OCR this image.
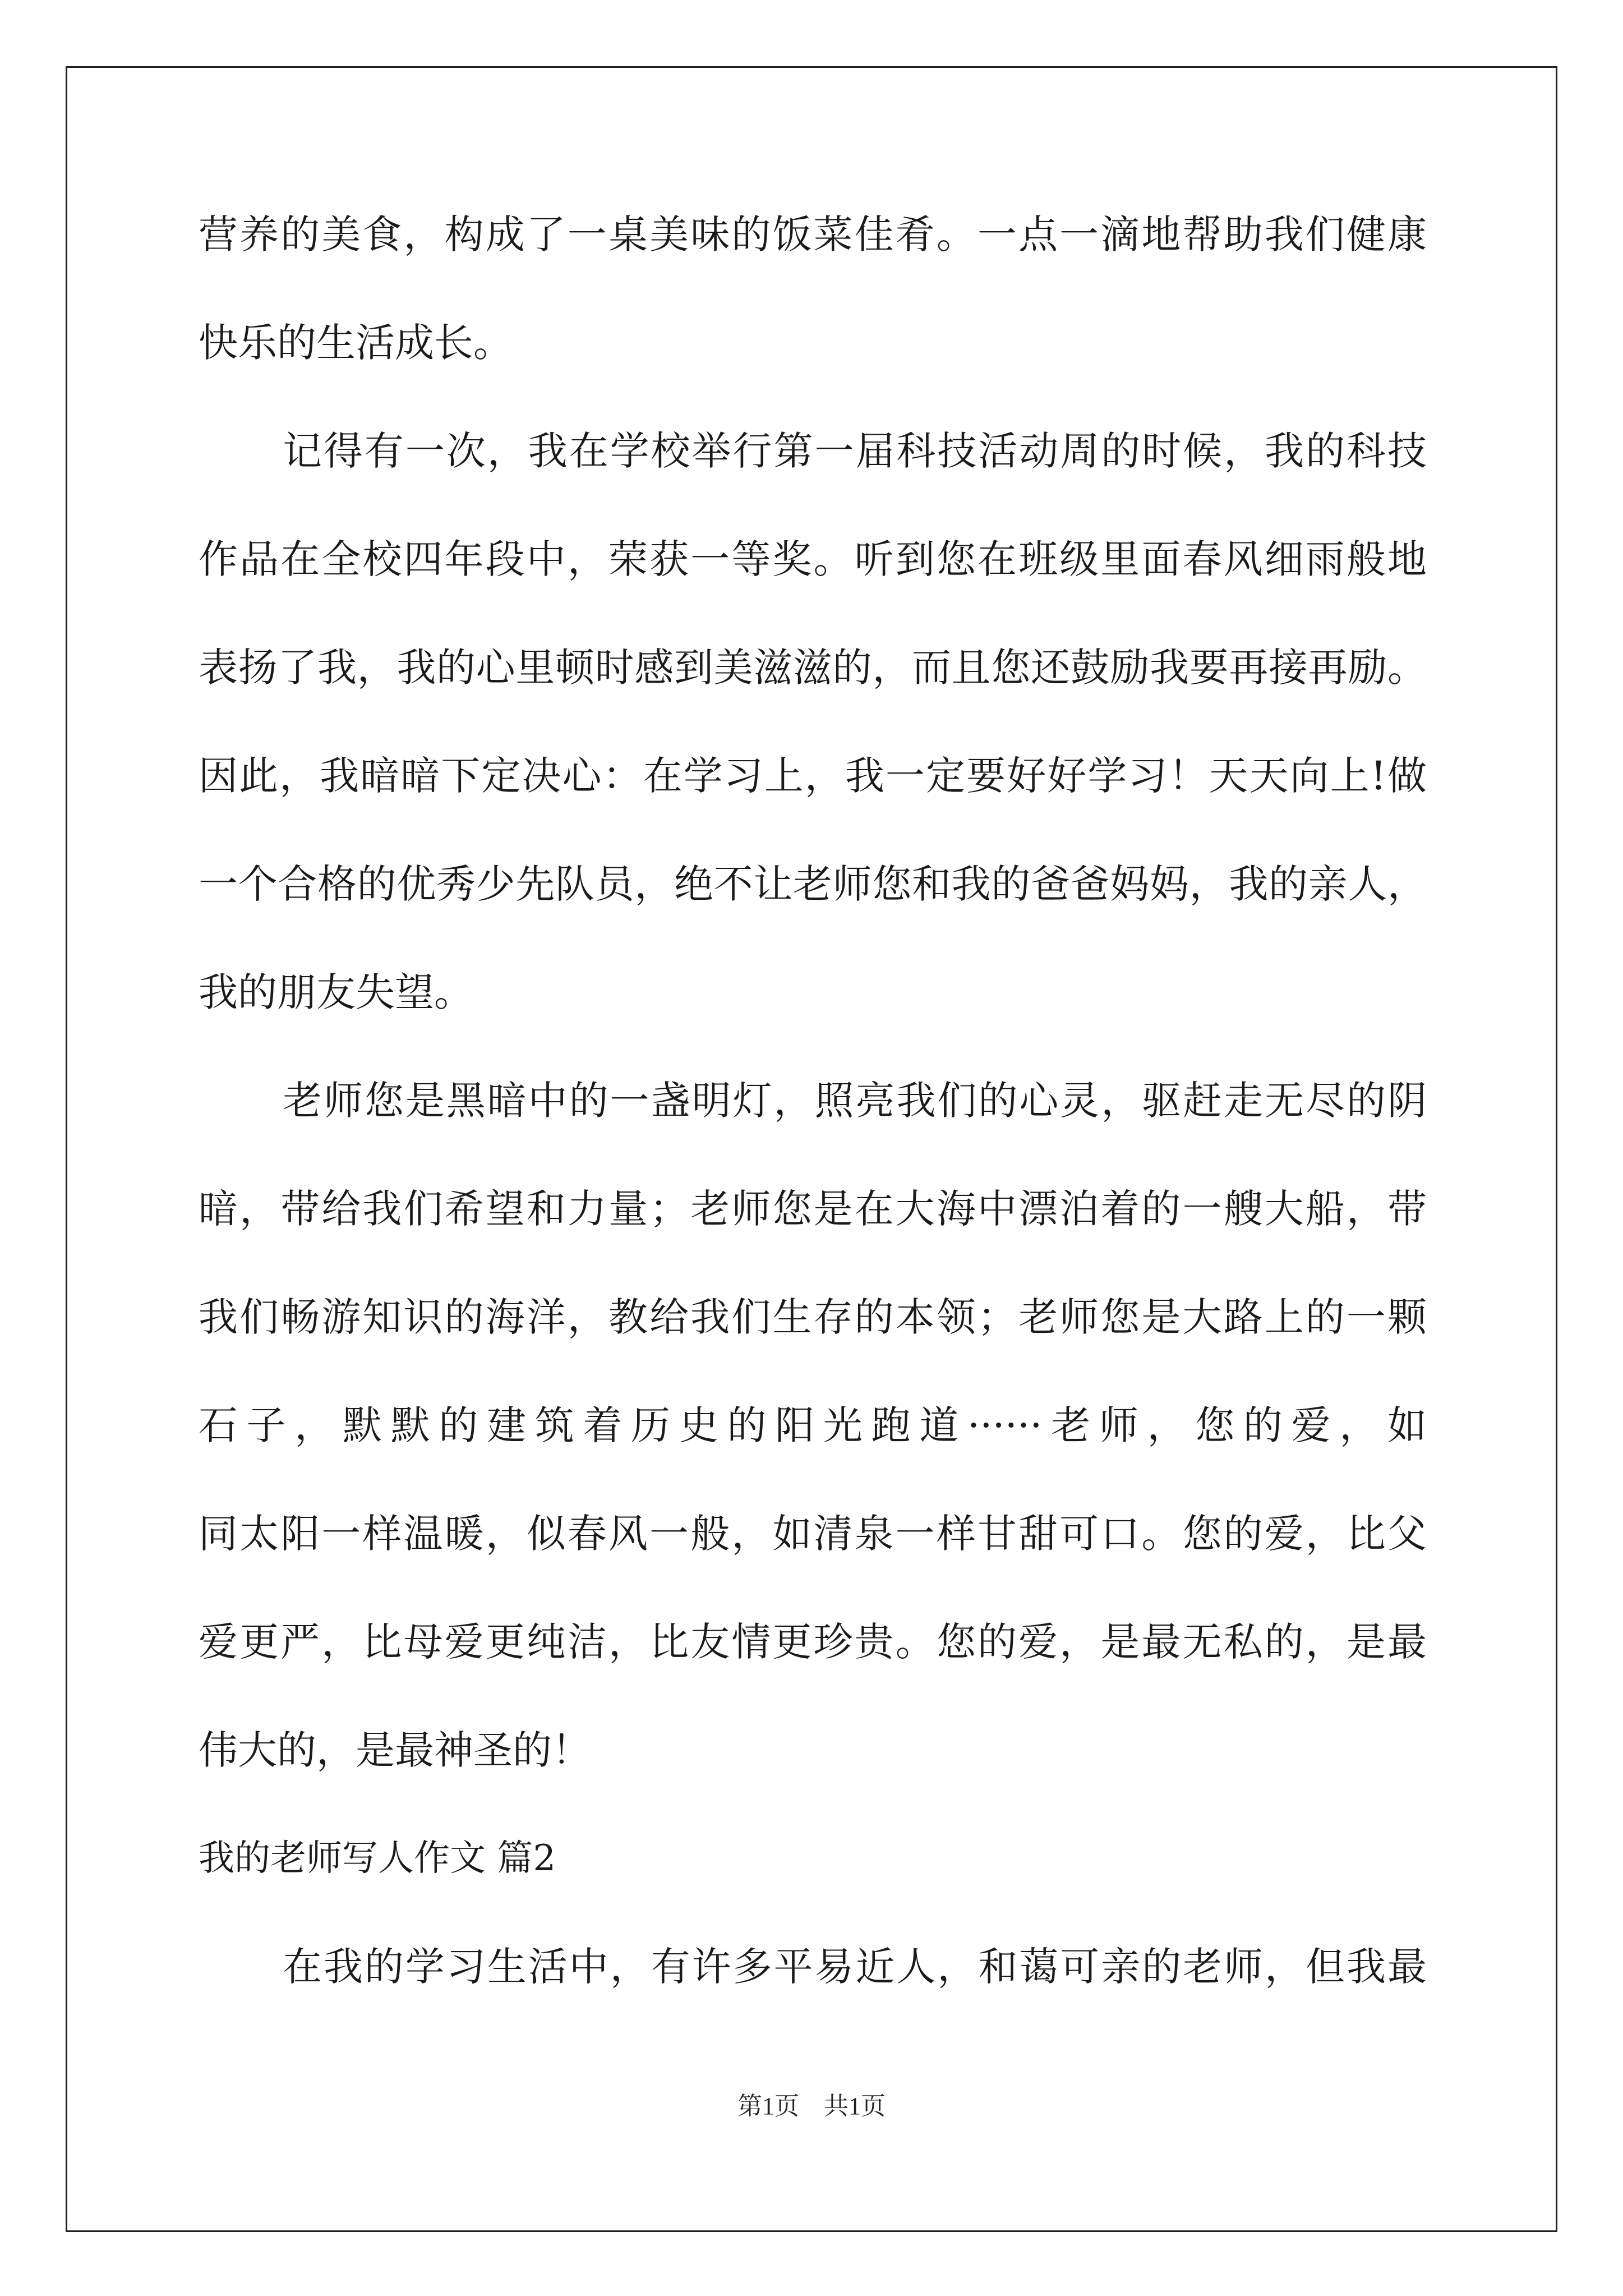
营养的美食，构成了一桌美味的饭菜佳肴。一点一滴地帮助我们健康
快乐的生活成长。
记得有一次，我在学校举行第一届科技活动周的时候，我的科技
作品在全校四年段中，荣获一等奖。听到您在班级里面春风细雨般地
表扬了我，我的心里顿时感到美滋滋的，而且您还鼓励我要再接再励。
因此，我暗暗下定决心：在学习上，我一定要好好学习！天天向上!做
一个合格的优秀少先队员，绝不让老师您和我的爸爸妈妈，我的亲人，
我的朋友失望。
老师您是黑暗中的一盏明灯，照亮我们的心灵，驱赶走无尽的阴
暗，带给我们希望和力量；老师您是在大海中漂泊着的一艘大船，带
我们畅游知识的海洋，教给我们生存的本领；老师您是大路上的一颗
石子，默默的建筑着历史的阳光跑道······老师，您的爱，如
同太阳一样温暖，似春风一般，如清泉一样甘甜可口。您的爱，比父
爱更严，比母爱更纯洁，比友情更珍贵。您的爱，是最无私的，是最
伟大的，是最神圣的！
我的老师写人作文 篇2
在我的学习生活中，有许多平易近人，和蔼可亲的老师，但我最
第1页　共1页
